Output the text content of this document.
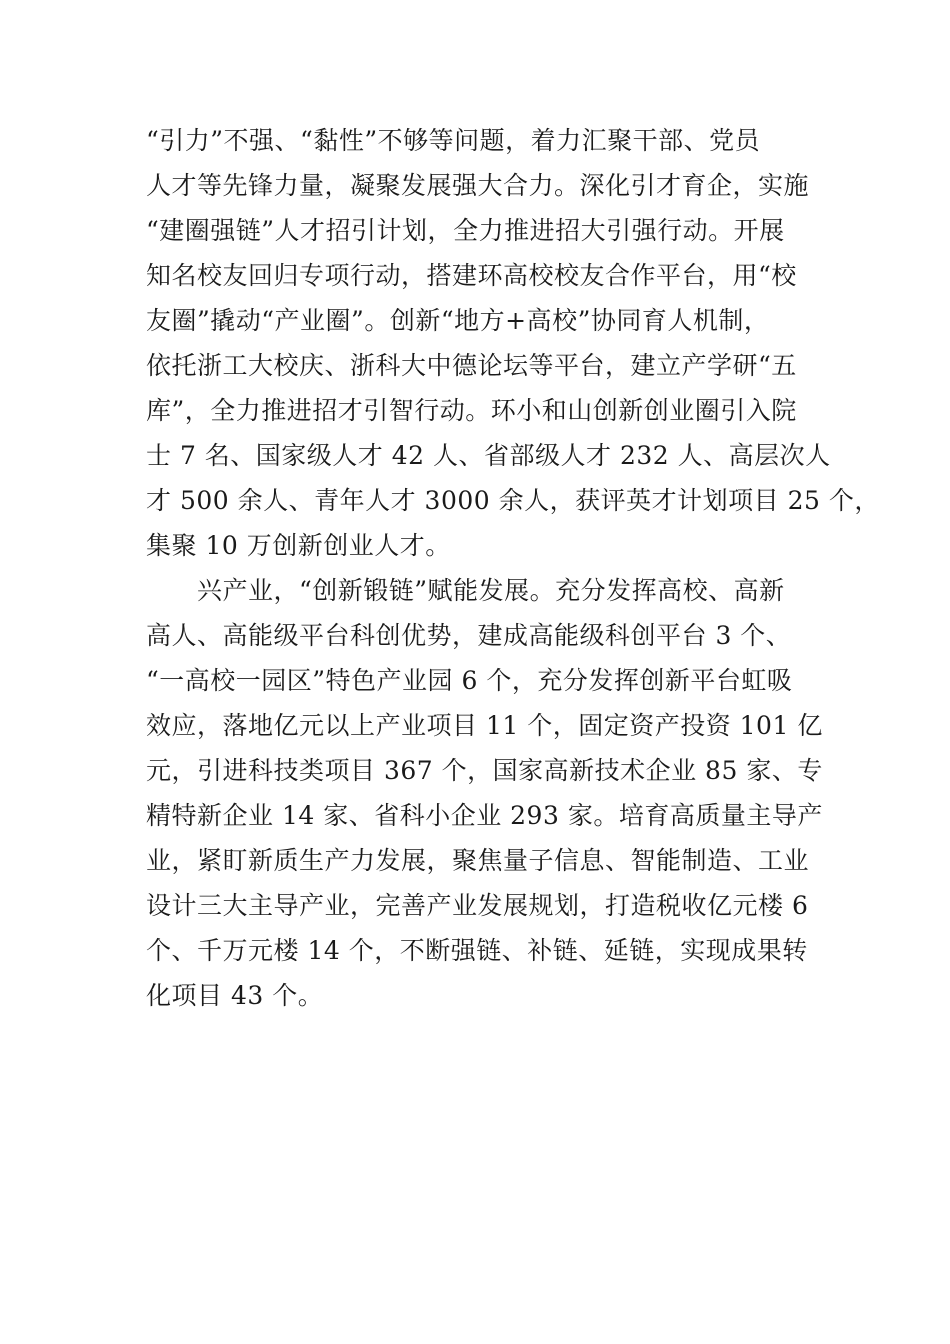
“引力”不强、“黏性”不够等问题，着力汇聚干部、党员
人才等先锋力量，凝聚发展强大合力。深化引才育企，实施
“建圈强链”人才招引计划，全力推进招大引强行动。开展
知名校友回归专项行动，搭建环高校校友合作平台，用“校
友圈”撬动“产业圈”。创新“地方+高校”协同育人机制，
依托浙工大校庆、浙科大中德论坛等平台，建立产学研“五
库”，全力推进招才引智行动。环小和山创新创业圈引入院
士 7 名、国家级人才 42 人、省部级人才 232 人、高层次人
才 500 余人、青年人才 3000 余人，获评英才计划项目 25 个，
集聚 10 万创新创业人才。
　　兴产业，“创新锻链”赋能发展。充分发挥高校、高新
高人、高能级平台科创优势，建成高能级科创平台 3 个、
“一高校一园区”特色产业园 6 个，充分发挥创新平台虹吸
效应，落地亿元以上产业项目 11 个，固定资产投资 101 亿
元，引进科技类项目 367 个，国家高新技术企业 85 家、专
精特新企业 14 家、省科小企业 293 家。培育高质量主导产
业，紧盯新质生产力发展，聚焦量子信息、智能制造、工业
设计三大主导产业，完善产业发展规划，打造税收亿元楼 6
个、千万元楼 14 个，不断强链、补链、延链，实现成果转
化项目 43 个。
